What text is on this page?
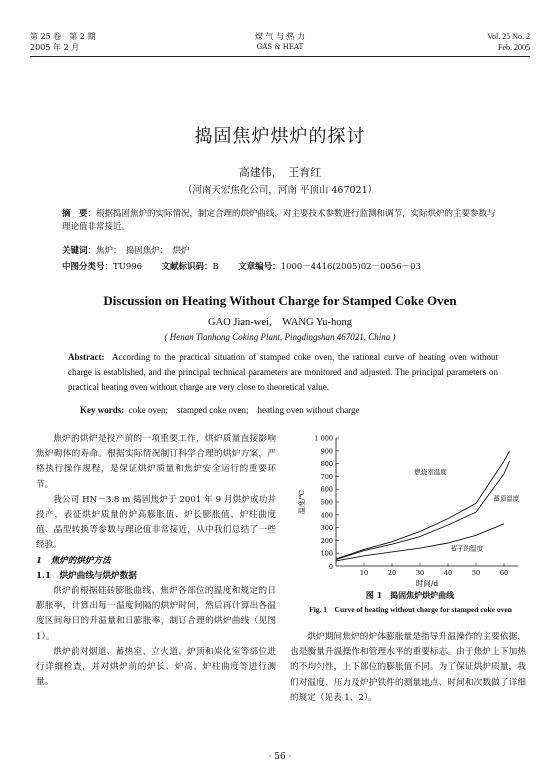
第 25 卷　第 2 期
2005 年 2 月
煤 气 与 热 力
GAS & HEAT
Vol. 25 No. 2
Feb. 2005
捣固焦炉烘炉的探讨
高建伟，　王育红
（河南天宏焦化公司，河南 平顶山 467021）
摘　要：根据捣固焦炉的实际情况，制定合理的烘炉曲线，对主要技术参数进行监测和调节，实际烘炉的主要参数与理论值非常接近。
关键词：焦炉；　捣固焦炉；　烘炉
中图分类号：TU996 文献标识码：B 文章编号：1000－4416(2005)02－0056－03
Discussion on Heating Without Charge for Stamped Coke Oven
GAO Jian-wei,　WANG Yu-hong
( Henan Tianhong Coking Plant, Pingdingshan 467021, China )
Abstract: According to the practical situation of stamped coke oven, the rational curve of heating oven without charge is established, and the principal technical parameters are monitored and adjusted. The principal parameters on practical heating oven without charge are very close to theoretical value.
Key words: coke oven;　stamped coke oven;　heating oven without charge

焦炉的烘炉是投产前的一项重要工作，烘炉质量直接影响焦炉砌体的寿命。根据实际情况制订科学合理的烘炉方案，严格执行操作规程，是保证烘炉质量和焦炉安全运行的重要环节。

我公司 HN－3.8 m 捣固焦炉于 2001 年 9 月烘炉成功并投产，表征烘炉质量的炉高膨胀值、炉长膨胀值、炉柱曲度值、晶型转换等参数与理论值非常接近，从中我们总结了一些经验。

1　焦炉的烘炉方法
1.1　烘炉曲线与烘炉数据

烘炉前根据硅砖膨胀曲线、焦炉各部位的温度和规定的日膨胀率，计算出每一温度间隔的烘炉时间，然后再计算出各温度区间每日的升温量和日膨胀率，制订合理的烘炉曲线（见图 1）。

烘炉前对烟道、蓄热室、立火道、炉顶和炭化室等部位进行详细检查，并对烘炉前的炉长、炉高、炉柱曲度等进行测量。

100
200
300
400
500
600
700
800
900
1 000
0
10	20	30	40	50	60
蓄顶温度
燃烧室温度
蓄子的温度
温度/℃
时间/d
图 1　捣固焦炉烘炉曲线
Fig. 1　Curve of heating without charge for stamped coke oven

烘炉期间焦炉的炉体膨胀量是指导升温操作的主要依据，也是衡量升温操作和管理水平的重要标志。由于焦炉上下加热的不均匀性，上下部位的膨胀值不同。为了保证烘炉质量，我们对温度、压力及炉护铁件的测量地点、时间和次数做了详细的规定（见表 1、2）。

· 56 ·
